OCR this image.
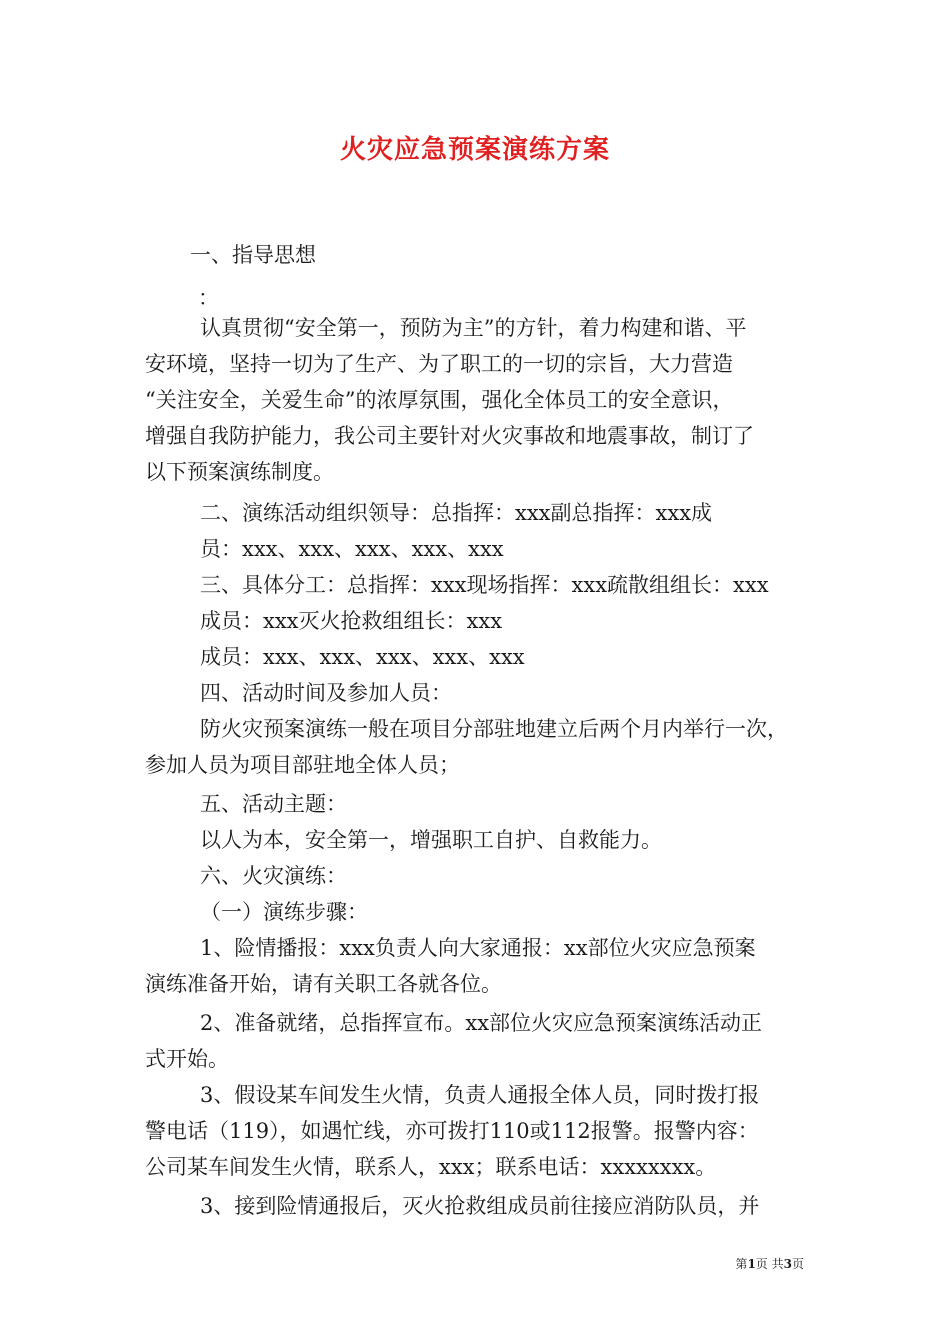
火灾应急预案演练方案
一、指导思想
：
认真贯彻“安全第一，预防为主”的方针，着力构建和谐、平
安环境，坚持一切为了生产、为了职工的一切的宗旨，大力营造
“关注安全，关爱生命”的浓厚氛围，强化全体员工的安全意识，
增强自我防护能力，我公司主要针对火灾事故和地震事故，制订了
以下预案演练制度。
二、演练活动组织领导：总指挥：xxx副总指挥：xxx成
员：xxx、xxx、xxx、xxx、xxx
三、具体分工：总指挥：xxx现场指挥：xxx疏散组组长：xxx
成员：xxx灭火抢救组组长：xxx
成员：xxx、xxx、xxx、xxx、xxx
四、活动时间及参加人员：
防火灾预案演练一般在项目分部驻地建立后两个月内举行一次，
参加人员为项目部驻地全体人员；
五、活动主题：
以人为本，安全第一，增强职工自护、自救能力。
六、火灾演练：
（一）演练步骤：
1、险情播报：xxx负责人向大家通报：xx部位火灾应急预案
演练准备开始，请有关职工各就各位。
2、准备就绪，总指挥宣布。xx部位火灾应急预案演练活动正
式开始。
3、假设某车间发生火情，负责人通报全体人员，同时拨打报
警电话（119），如遇忙线，亦可拨打110或112报警。报警内容：
公司某车间发生火情，联系人，xxx；联系电话：xxxxxxxx。
3、接到险情通报后，灭火抢救组成员前往接应消防队员，并
第1页 共3页
